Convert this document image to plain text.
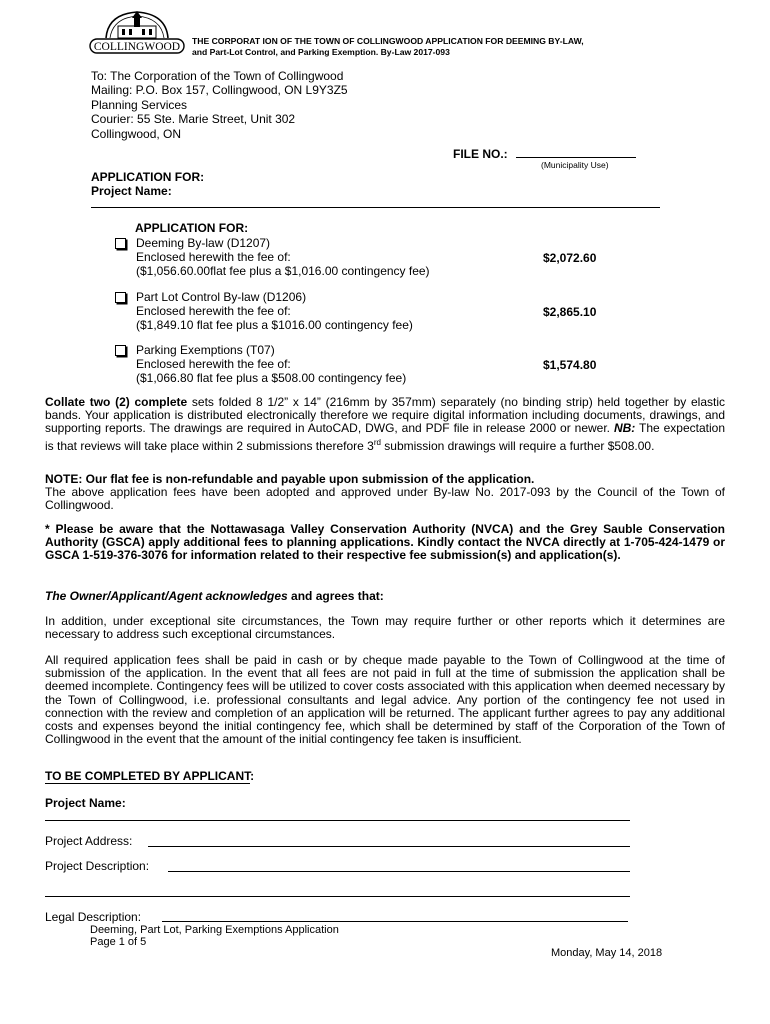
COLLINGWOOD THE CORPORAT ION OF THE TOWN OF COLLINGWOOD APPLICATION FOR DEEMING BY-LAW,
and Part-Lot Control, and Parking Exemption. By-Law 2017-093
To: The Corporation of the Town of Collingwood
Mailing: P.O. Box 157, Collingwood, ON L9Y3Z5
Planning Services
Courier: 55 Ste. Marie Street, Unit 302
Collingwood, ON
FILE NO.:
(Municipality Use)
APPLICATION FOR:
Project Name:
APPLICATION FOR:
Deeming By-law (D1207)
Enclosed herewith the fee of:
($1,056.60.00flat fee plus a $1,016.00 contingency fee)
$2,072.60
Part Lot Control By-law (D1206)
Enclosed herewith the fee of:
($1,849.10 flat fee plus a $1016.00 contingency fee)
$2,865.10
Parking Exemptions (T07)
Enclosed herewith the fee of:
($1,066.80 flat fee plus a $508.00 contingency fee)
$1,574.80
Collate two (2) complete sets folded 8 1/2” x 14” (216mm by 357mm) separately (no binding strip) held together by elastic bands. Your application is distributed electronically therefore we require digital information including documents, drawings, and supporting reports. The drawings are required in AutoCAD, DWG, and PDF file in release 2000 or newer. NB: The expectation is that reviews will take place within 2 submissions therefore 3rd submission drawings will require a further $508.00.
NOTE: Our flat fee is non-refundable and payable upon submission of the application.
The above application fees have been adopted and approved under By-law No. 2017-093 by the Council of the Town of Collingwood.
* Please be aware that the Nottawasaga Valley Conservation Authority (NVCA) and the Grey Sauble Conservation Authority (GSCA) apply additional fees to planning applications. Kindly contact the NVCA directly at 1-705-424-1479 or GSCA 1-519-376-3076 for information related to their respective fee submission(s) and application(s).
The Owner/Applicant/Agent acknowledges and agrees that:
In addition, under exceptional site circumstances, the Town may require further or other reports which it determines are necessary to address such exceptional circumstances.
All required application fees shall be paid in cash or by cheque made payable to the Town of Collingwood at the time of submission of the application. In the event that all fees are not paid in full at the time of submission the application shall be deemed incomplete. Contingency fees will be utilized to cover costs associated with this application when deemed necessary by the Town of Collingwood, i.e. professional consultants and legal advice. Any portion of the contingency fee not used in connection with the review and completion of an application will be returned. The applicant further agrees to pay any additional costs and expenses beyond the initial contingency fee, which shall be determined by staff of the Corporation of the Town of Collingwood in the event that the amount of the initial contingency fee taken is insufficient.
TO BE COMPLETED BY APPLICANT:
Project Name:
Project Address:
Project Description:
Legal Description:
Deeming, Part Lot, Parking Exemptions Application
Page 1 of 5
Monday, May 14, 2018
